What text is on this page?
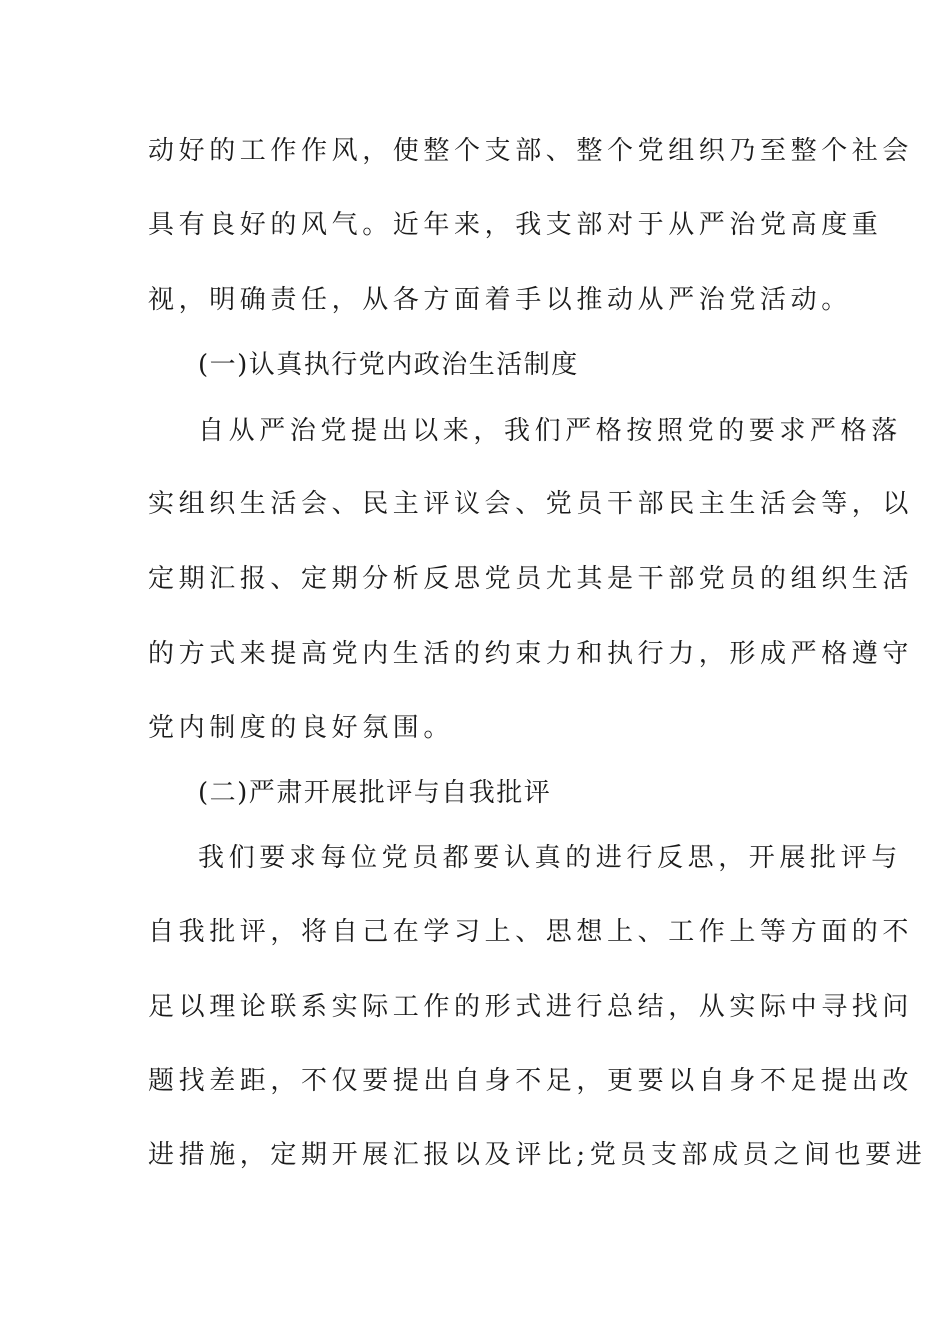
动好的工作作风，使整个支部、整个党组织乃至整个社会
具有良好的风气。近年来，我支部对于从严治党高度重
视，明确责任，从各方面着手以推动从严治党活动。
(一)认真执行党内政治生活制度
自从严治党提出以来，我们严格按照党的要求严格落
实组织生活会、民主评议会、党员干部民主生活会等，以
定期汇报、定期分析反思党员尤其是干部党员的组织生活
的方式来提高党内生活的约束力和执行力，形成严格遵守
党内制度的良好氛围。
(二)严肃开展批评与自我批评
我们要求每位党员都要认真的进行反思，开展批评与
自我批评，将自己在学习上、思想上、工作上等方面的不
足以理论联系实际工作的形式进行总结，从实际中寻找问
题找差距，不仅要提出自身不足，更要以自身不足提出改
进措施，定期开展汇报以及评比;党员支部成员之间也要进
